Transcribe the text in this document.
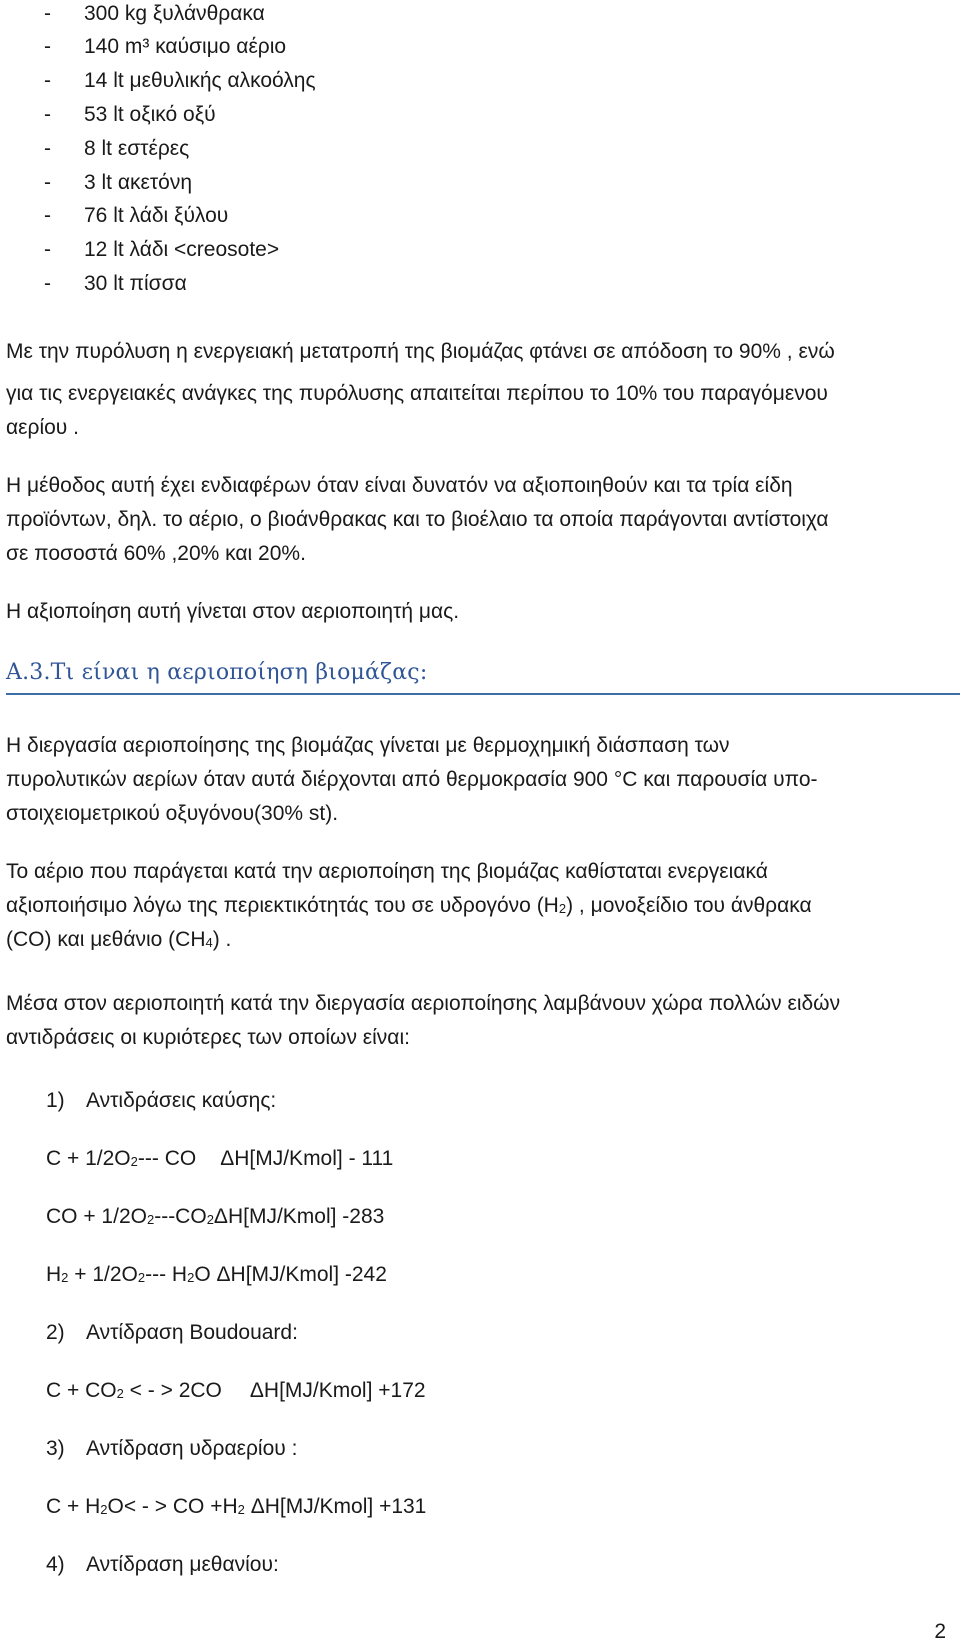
- 300 kg ξυλάνθρακα
- 140 m³ καύσιμο αέριο
- 14 lt μεθυλικής αλκοόλης
- 53 lt οξικό οξύ
- 8 lt εστέρες
- 3 lt ακετόνη
- 76 lt λάδι ξύλου
- 12 lt λάδι <creosote>
- 30 lt πίσσα
Με την πυρόλυση η ενεργειακή μετατροπή της βιομάζας φτάνει σε απόδοση το 90% , ενώ
για τις ενεργειακές ανάγκες της πυρόλυσης απαιτείται περίπου το 10% του παραγόμενου
αερίου .
Η μέθοδος αυτή έχει ενδιαφέρων όταν είναι δυνατόν να αξιοποιηθούν και τα τρία είδη
προϊόντων, δηλ. το αέριο, ο βιοάνθρακας και το βιοέλαιο τα οποία παράγονται αντίστοιχα
σε ποσοστά 60% ,20% και 20%.
Η αξιοποίηση αυτή γίνεται στον αεριοποιητή μας.
Α.3.Τι είναι η αεριοποίηση βιομάζας:
Η διεργασία αεριοποίησης της βιομάζας γίνεται με θερμοχημική διάσπαση των
πυρολυτικών αερίων όταν αυτά διέρχονται από θερμοκρασία 900 °C και παρουσία υπο-
στοιχειομετρικού οξυγόνου(30% st).
Το αέριο που παράγεται κατά την αεριοποίηση της βιομάζας καθίσταται ενεργειακά
αξιοποιήσιμο λόγω της περιεκτικότητάς του σε υδρογόνο (H2) , μονοξείδιο του άνθρακα
(CO) και μεθάνιο (CH4) .
Μέσα στον αεριοποιητή κατά την διεργασία αεριοποίησης λαμβάνουν χώρα πολλών ειδών
αντιδράσεις οι κυριότερες των οποίων είναι:
1) Αντιδράσεις καύσης:
C + 1/2O2--- CO ΔΗ[MJ/Kmol] - 111
CO + 1/2O2---CO2ΔΗ[MJ/Kmol] -283
H2 + 1/2O2--- H2O ΔΗ[MJ/Kmol] -242
2) Αντίδραση Boudouard:
C + CO2 < - > 2CO ΔΗ[MJ/Kmol] +172
3) Αντίδραση υδραερίου :
C + H2O< - > CO +H2 ΔΗ[MJ/Kmol] +131
4) Αντίδραση μεθανίου:
2
